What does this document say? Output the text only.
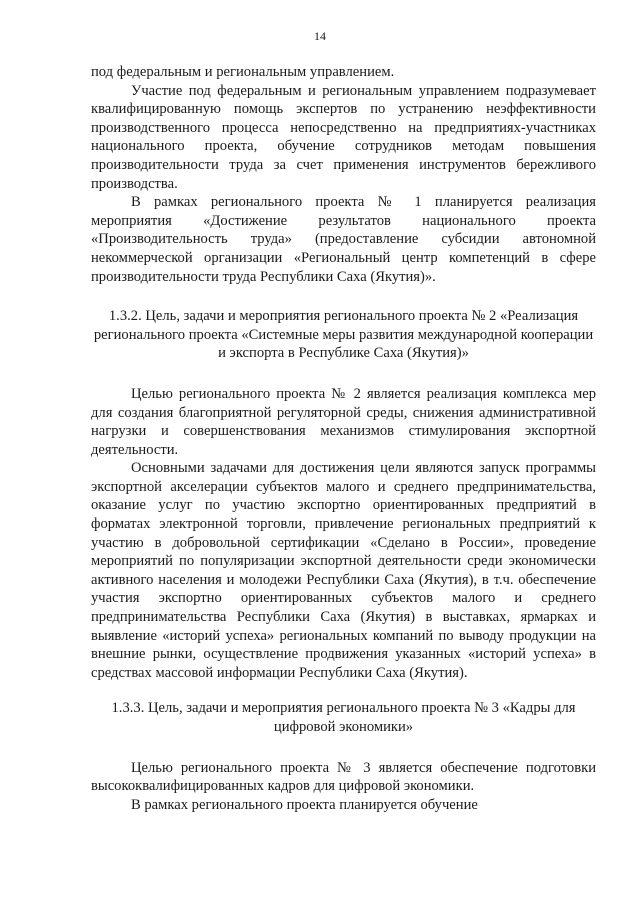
14

под федеральным и региональным управлением.

Участие под федеральным и региональным управлением подразумевает квалифицированную помощь экспертов по устранению неэффективности производственного процесса непосредственно на предприятиях-участниках национального проекта, обучение сотрудников методам повышения производительности труда за счет применения инструментов бережливого производства.

В рамках регионального проекта № 1 планируется реализация мероприятия «Достижение результатов национального проекта «Производительность труда» (предоставление субсидии автономной некоммерческой организации «Региональный центр компетенций в сфере производительности труда Республики Саха (Якутия)».

1.3.2. Цель, задачи и мероприятия регионального проекта № 2 «Реализация регионального проекта «Системные меры развития международной кооперации и экспорта в Республике Саха (Якутия)»

Целью регионального проекта № 2 является реализация комплекса мер для создания благоприятной регуляторной среды, снижения административной нагрузки и совершенствования механизмов стимулирования экспортной деятельности.

Основными задачами для достижения цели являются запуск программы экспортной акселерации субъектов малого и среднего предпринимательства, оказание услуг по участию экспортно ориентированных предприятий в форматах электронной торговли, привлечение региональных предприятий к участию в добровольной сертификации «Сделано в России», проведение мероприятий по популяризации экспортной деятельности среди экономически активного населения и молодежи Республики Саха (Якутия), в т.ч. обеспечение участия экспортно ориентированных субъектов малого и среднего предпринимательства Республики Саха (Якутия) в выставках, ярмарках и выявление «историй успеха» региональных компаний по выводу продукции на внешние рынки, осуществление продвижения указанных «историй успеха» в средствах массовой информации Республики Саха (Якутия).

1.3.3. Цель, задачи и мероприятия регионального проекта № 3 «Кадры для цифровой экономики»

Целью регионального проекта № 3 является обеспечение подготовки высококвалифицированных кадров для цифровой экономики.

В рамках регионального проекта планируется обучение
